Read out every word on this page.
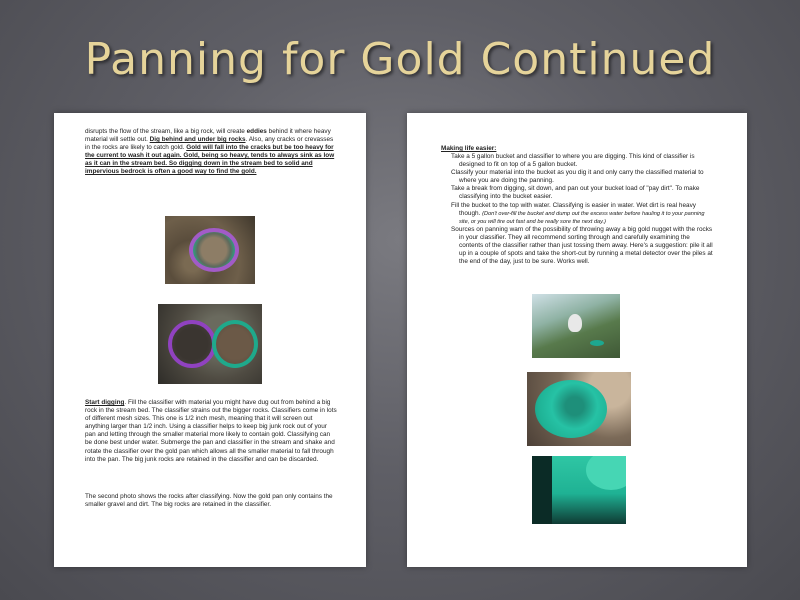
Panning for Gold Continued

disrupts the flow of the stream, like a big rock, will create eddies behind it where heavy material will settle out. Dig behind and under big rocks. Also, any cracks or crevasses in the rocks are likely to catch gold. Gold will fall into the cracks but be too heavy for the current to wash it out again. Gold, being so heavy, tends to always sink as low as it can in the stream bed. So digging down in the stream bed to solid and impervious bedrock is often a good way to find the gold.

Start digging. Fill the classifier with material you might have dug out from behind a big rock in the stream bed. The classifier strains out the bigger rocks. Classifiers come in lots of different mesh sizes. This one is 1/2 inch mesh, meaning that it will screen out anything larger than 1/2 inch. Using a classifier helps to keep big junk rock out of your pan and letting through the smaller material more likely to contain gold. Classifying can be done best under water. Submerge the pan and classifier in the stream and shake and rotate the classifier over the gold pan which allows all the smaller material to fall through into the pan. The big junk rocks are retained in the classifier and can be discarded.

The second photo shows the rocks after classifying. Now the gold pan only contains the smaller gravel and dirt. The big rocks are retained in the classifier.

Making life easier:
Take a 5 gallon bucket and classifier to where you are digging. This kind of classifier is designed to fit on top of a 5 gallon bucket.
Classify your material into the bucket as you dig it and only carry the classified material to where you are doing the panning.
Take a break from digging, sit down, and pan out your bucket load of "pay dirt". To make classifying into the bucket easier.
Fill the bucket to the top with water. Classifying is easier in water. Wet dirt is real heavy though. (Don't over-fill the bucket and dump out the excess water before hauling it to your panning site, or you will tire out fast and be really sore the next day.)
Sources on panning warn of the possibility of throwing away a big gold nugget with the rocks in your classifier. They all recommend sorting through and carefully examining the contents of the classifier rather than just tossing them away. Here's a suggestion: pile it all up in a couple of spots and take the short-cut by running a metal detector over the piles at the end of the day, just to be sure. Works well.
